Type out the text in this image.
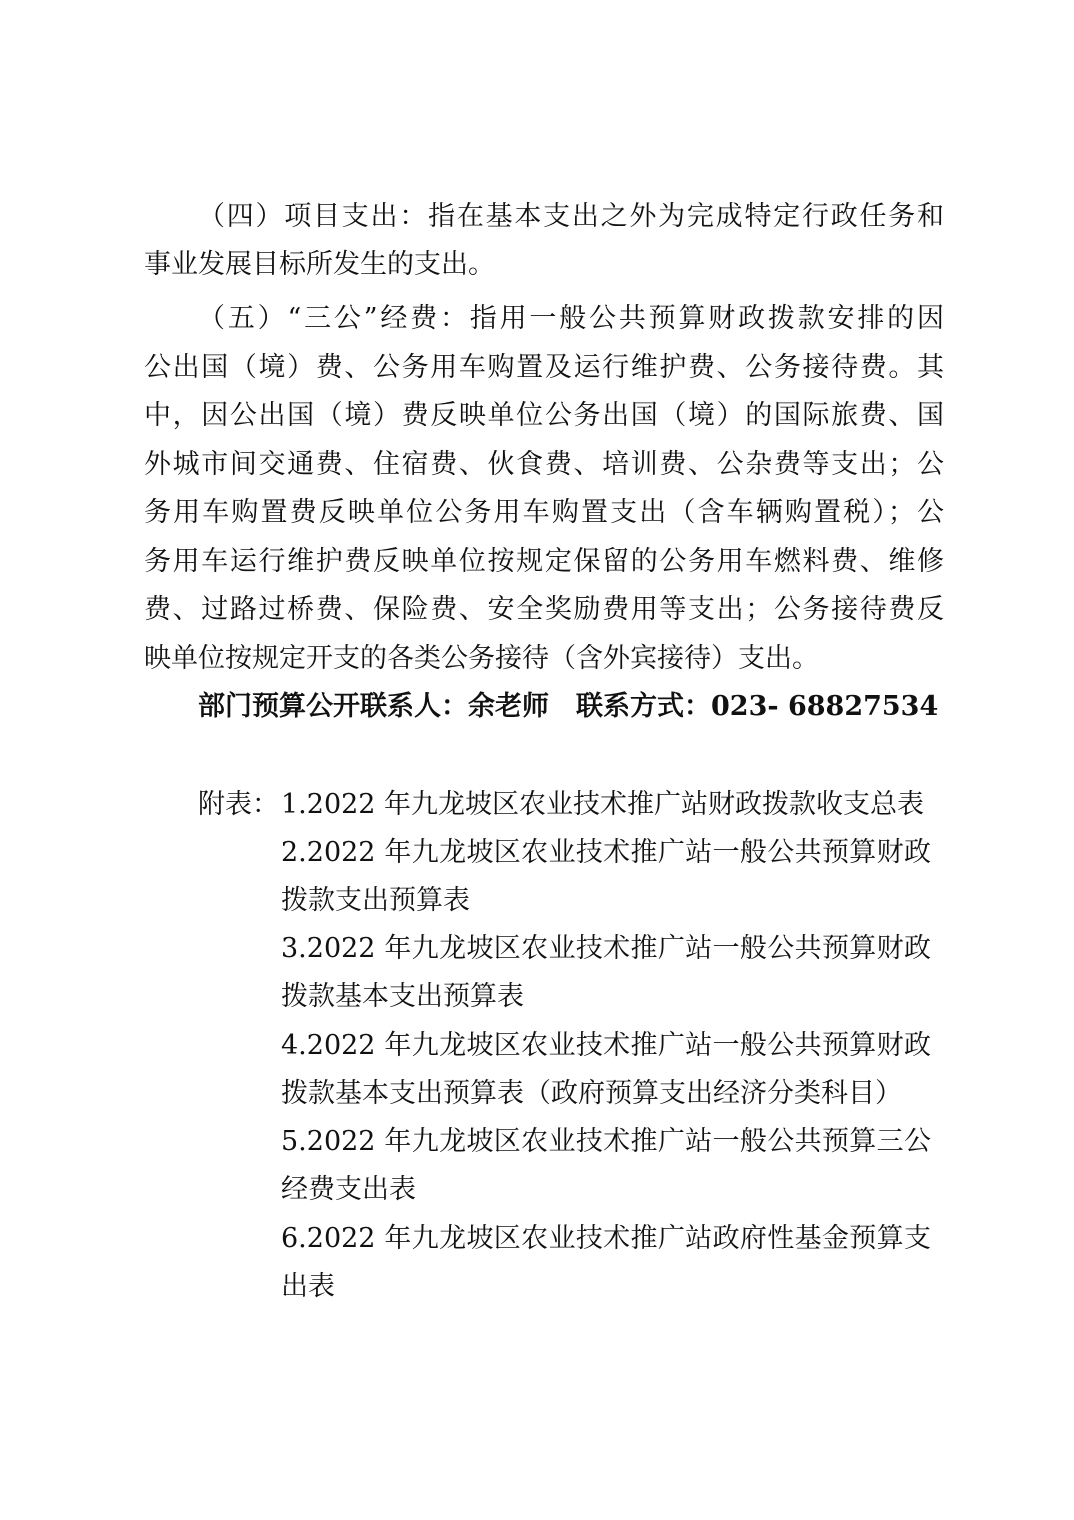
（四）项目支出：指在基本支出之外为完成特定行政任务和
事业发展目标所发生的支出。
（五）“三公”经费：指用一般公共预算财政拨款安排的因
公出国（境）费、公务用车购置及运行维护费、公务接待费。其
中，因公出国（境）费反映单位公务出国（境）的国际旅费、国
外城市间交通费、住宿费、伙食费、培训费、公杂费等支出；公
务用车购置费反映单位公务用车购置支出（含车辆购置税）；公
务用车运行维护费反映单位按规定保留的公务用车燃料费、维修
费、过路过桥费、保险费、安全奖励费用等支出；公务接待费反
映单位按规定开支的各类公务接待（含外宾接待）支出。
部门预算公开联系人：余老师　联系方式：023- 68827534
附表： 1.2022 年九龙坡区农业技术推广站财政拨款收支总表
2.2022 年九龙坡区农业技术推广站一般公共预算财政
拨款支出预算表
3.2022 年九龙坡区农业技术推广站一般公共预算财政
拨款基本支出预算表
4.2022 年九龙坡区农业技术推广站一般公共预算财政
拨款基本支出预算表（政府预算支出经济分类科目）
5.2022 年九龙坡区农业技术推广站一般公共预算三公
经费支出表
6.2022 年九龙坡区农业技术推广站政府性基金预算支
出表
